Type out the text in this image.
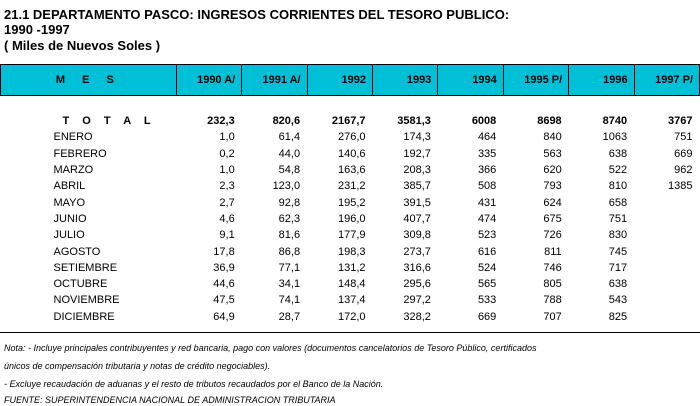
21.1 DEPARTAMENTO PASCO: INGRESOS CORRIENTES DEL TESORO PUBLICO:
1990 -1997
( Miles de Nuevos Soles )
M E S	1990 A/	1991 A/	1992	1993	1994	1995 P/	1996	1997 P/

T O T A L	232,3	820,6	2167,7	3581,3	6008	8698	8740	3767
ENERO	1,0	61,4	276,0	174,3	464	840	1063	751
FEBRERO	0,2	44,0	140,6	192,7	335	563	638	669
MARZO	1,0	54,8	163,6	208,3	366	620	522	962
ABRIL	2,3	123,0	231,2	385,7	508	793	810	1385
MAYO	2,7	92,8	195,2	391,5	431	624	658	
JUNIO	4,6	62,3	196,0	407,7	474	675	751	
JULIO	9,1	81,6	177,9	309,8	523	726	830	
AGOSTO	17,8	86,8	198,3	273,7	616	811	745	
SETIEMBRE	36,9	77,1	131,2	316,6	524	746	717	
OCTUBRE	44,6	34,1	148,4	295,6	565	805	638	
NOVIEMBRE	47,5	74,1	137,4	297,2	533	788	543	
DICIEMBRE	64,9	28,7	172,0	328,2	669	707	825	
Nota: - Incluye principales contribuyentes y red bancaria, pago con valores (documentos cancelatorios de Tesoro Público, certificados
únicos de compensación tributaria y notas de crédito negociables).
- Excluye recaudación de aduanas y el resto de tributos recaudados por el Banco de la Nación.
FUENTE: SUPERINTENDENCIA NACIONAL DE ADMINISTRACION TRIBUTARIA
